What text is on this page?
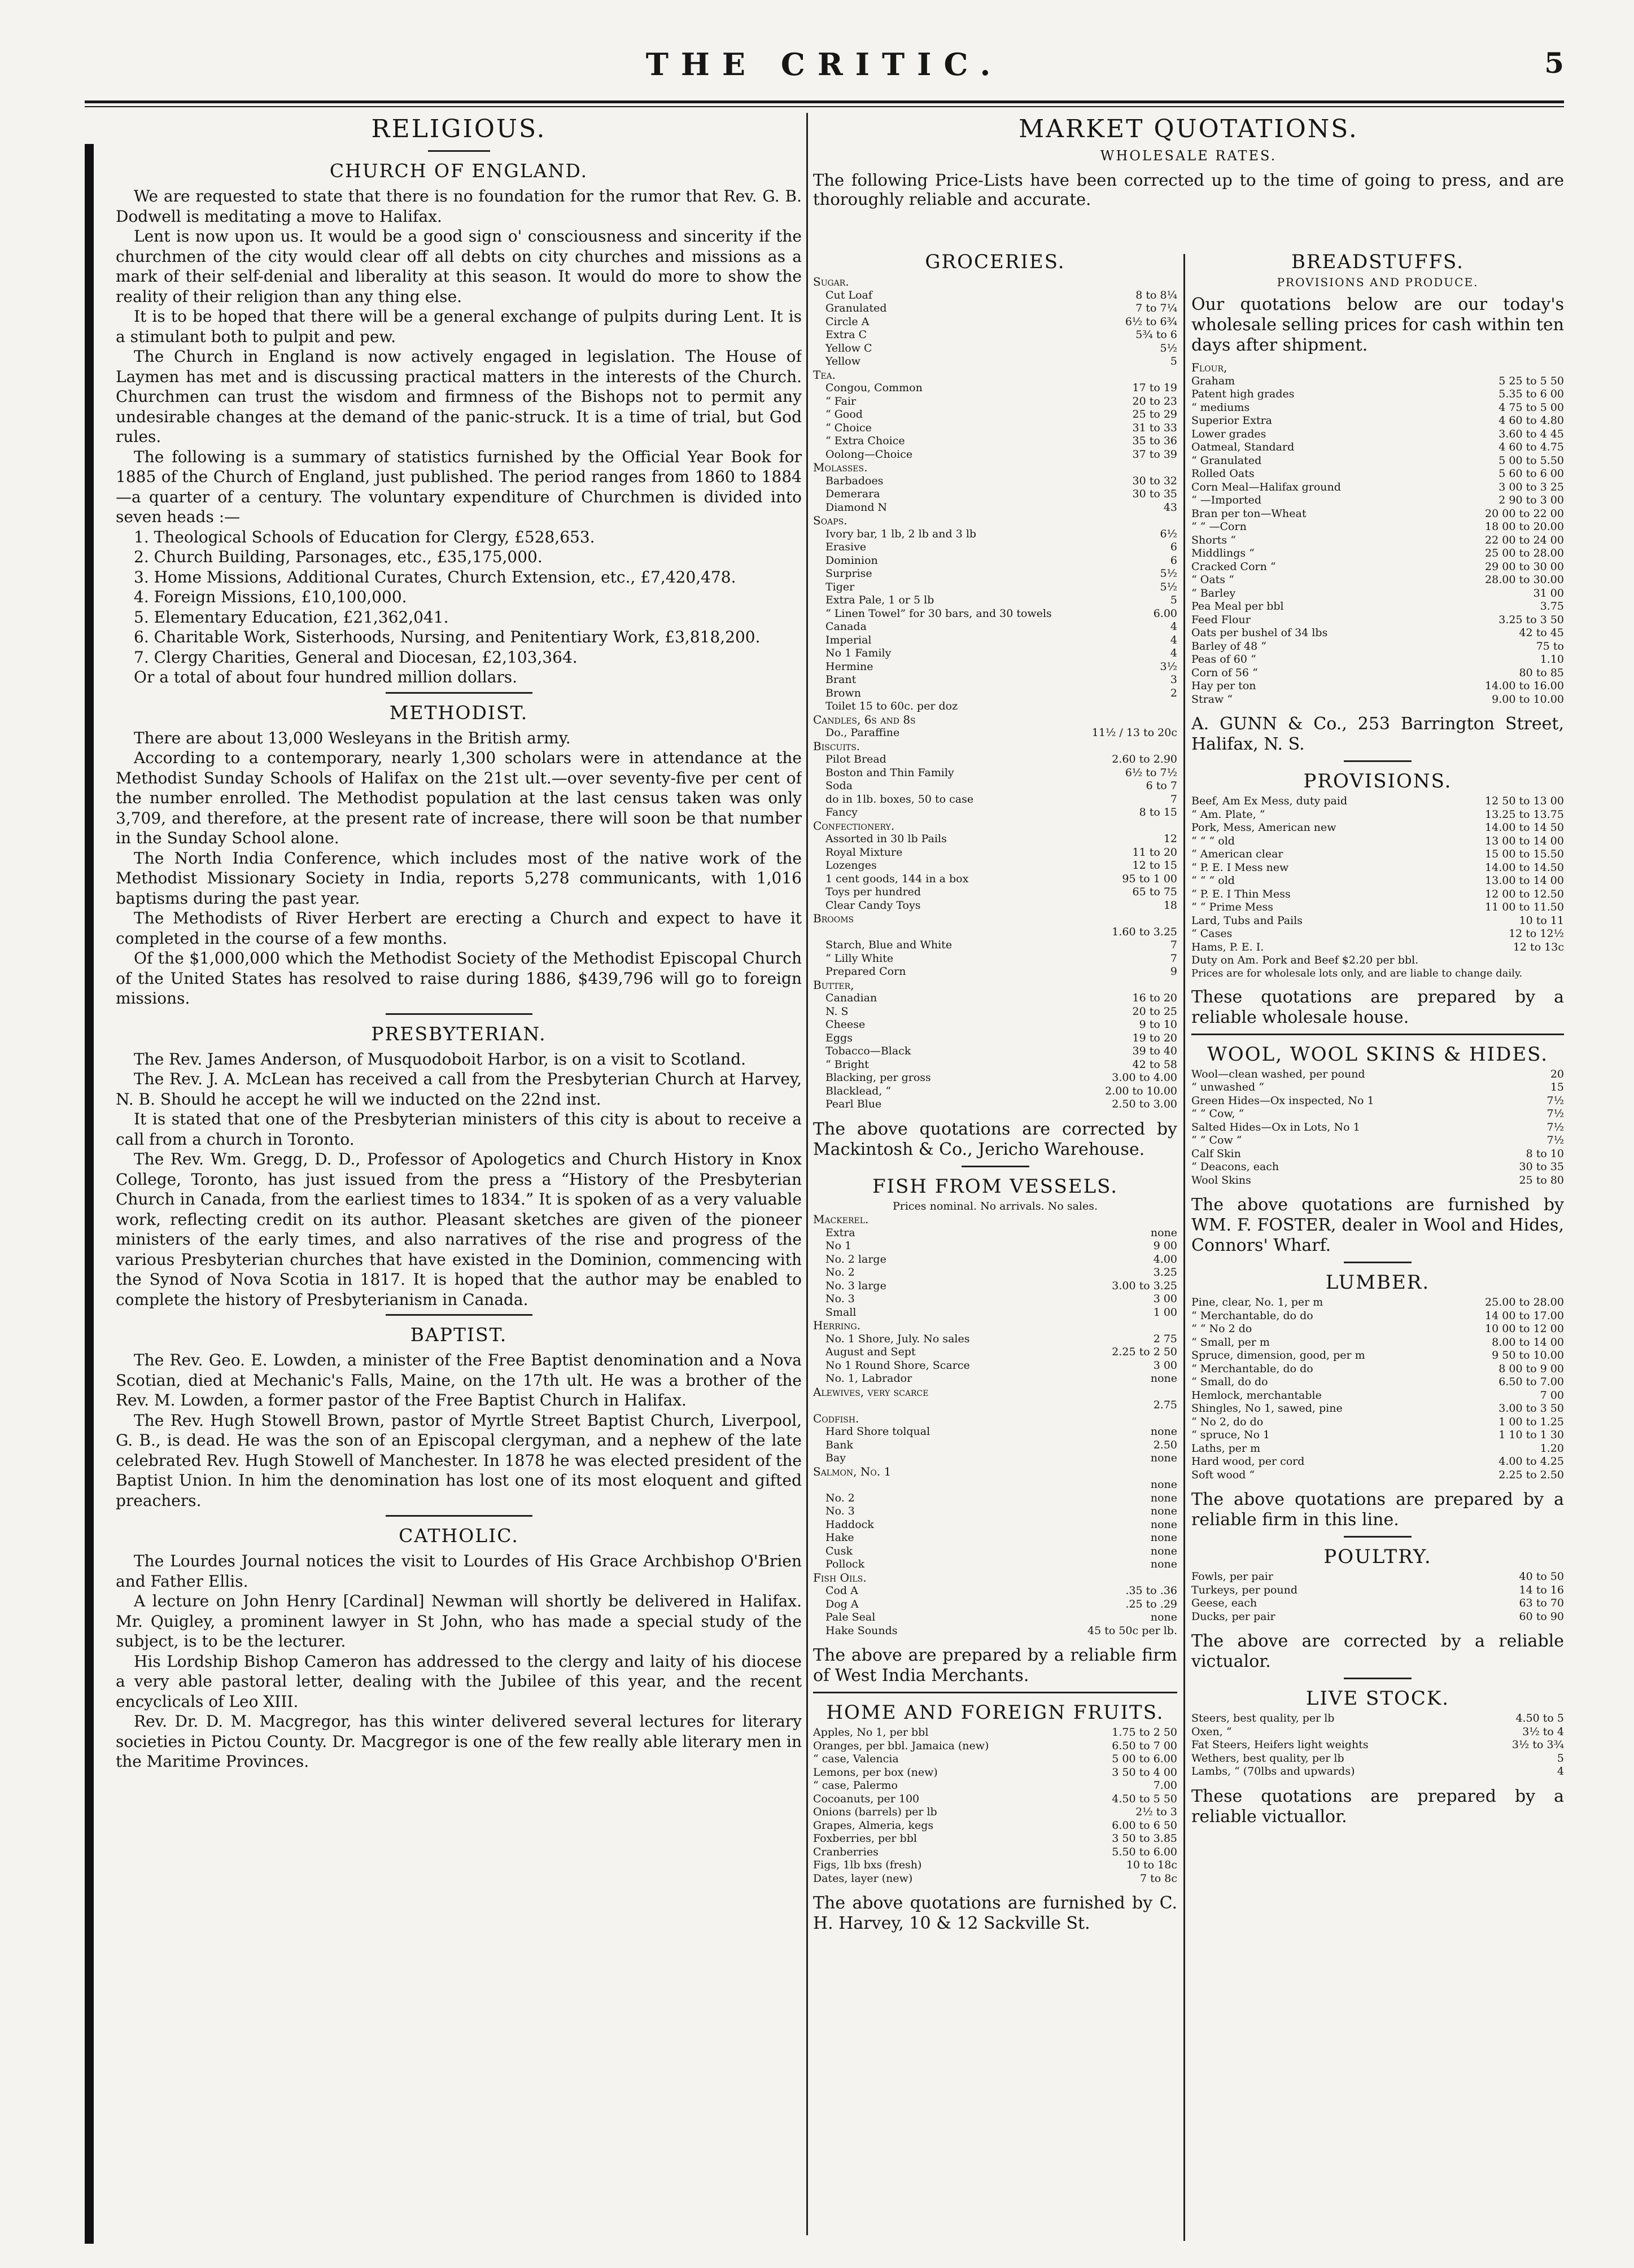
THE CRITIC.	5
RELIGIOUS.
CHURCH OF ENGLAND.

We are requested to state that there is no foundation for the rumor that Rev. G. B. Dodwell is meditating a move to Halifax.

Lent is now upon us. It would be a good sign o' consciousness and sincerity if the churchmen of the city would clear off all debts on city churches and missions as a mark of their self-denial and liberality at this season. It would do more to show the reality of their religion than any thing else.

It is to be hoped that there will be a general exchange of pulpits during Lent. It is a stimulant both to pulpit and pew.

The Church in England is now actively engaged in legislation. The House of Laymen has met and is discussing practical matters in the interests of the Church. Churchmen can trust the wisdom and firmness of the Bishops not to permit any undesirable changes at the demand of the panic-struck. It is a time of trial, but God rules.

The following is a summary of statistics furnished by the Official Year Book for 1885 of the Church of England, just published. The period ranges from 1860 to 1884—a quarter of a century. The voluntary expenditure of Churchmen is divided into seven heads :—

1. Theological Schools of Education for Clergy, £528,653.
2. Church Building, Parsonages, etc., £35,175,000.
3. Home Missions, Additional Curates, Church Extension, etc., £7,420,478.
4. Foreign Missions, £10,100,000.
5. Elementary Education, £21,362,041.
6. Charitable Work, Sisterhoods, Nursing, and Penitentiary Work, £3,818,200.
7. Clergy Charities, General and Diocesan, £2,103,364.

Or a total of about four hundred million dollars.

METHODIST.

There are about 13,000 Wesleyans in the British army.

According to a contemporary, nearly 1,300 scholars were in attendance at the Methodist Sunday Schools of Halifax on the 21st ult.—over seventy-five per cent of the number enrolled. The Methodist population at the last census taken was only 3,709, and therefore, at the present rate of increase, there will soon be that number in the Sunday School alone.

The North India Conference, which includes most of the native work of the Methodist Missionary Society in India, reports 5,278 communicants, with 1,016 baptisms during the past year.

The Methodists of River Herbert are erecting a Church and expect to have it completed in the course of a few months.

Of the $1,000,000 which the Methodist Society of the Methodist Episcopal Church of the United States has resolved to raise during 1886, $439,796 will go to foreign missions.

PRESBYTERIAN.

The Rev. James Anderson, of Musquodoboit Harbor, is on a visit to Scotland.

The Rev. J. A. McLean has received a call from the Presbyterian Church at Harvey, N. B. Should he accept he will we inducted on the 22nd inst.

It is stated that one of the Presbyterian ministers of this city is about to receive a call from a church in Toronto.

The Rev. Wm. Gregg, D. D., Professor of Apologetics and Church History in Knox College, Toronto, has just issued from the press a “History of the Presbyterian Church in Canada, from the earliest times to 1834.” It is spoken of as a very valuable work, reflecting credit on its author. Pleasant sketches are given of the pioneer ministers of the early times, and also narratives of the rise and progress of the various Presbyterian churches that have existed in the Dominion, commencing with the Synod of Nova Scotia in 1817. It is hoped that the author may be enabled to complete the history of Presbyterianism in Canada.

BAPTIST.

The Rev. Geo. E. Lowden, a minister of the Free Baptist denomination and a Nova Scotian, died at Mechanic's Falls, Maine, on the 17th ult. He was a brother of the Rev. M. Lowden, a former pastor of the Free Baptist Church in Halifax.

The Rev. Hugh Stowell Brown, pastor of Myrtle Street Baptist Church, Liverpool, G. B., is dead. He was the son of an Episcopal clergyman, and a nephew of the late celebrated Rev. Hugh Stowell of Manchester. In 1878 he was elected president of the Baptist Union. In him the denomination has lost one of its most eloquent and gifted preachers.

CATHOLIC.

The Lourdes Journal notices the visit to Lourdes of His Grace Archbishop O'Brien and Father Ellis.

A lecture on John Henry [Cardinal] Newman will shortly be delivered in Halifax. Mr. Quigley, a prominent lawyer in St John, who has made a special study of the subject, is to be the lecturer.

His Lordship Bishop Cameron has addressed to the clergy and laity of his diocese a very able pastoral letter, dealing with the Jubilee of this year, and the recent encyclicals of Leo XIII.

Rev. Dr. D. M. Macgregor, has this winter delivered several lectures for literary societies in Pictou County. Dr. Macgregor is one of the few really able literary men in the Maritime Provinces.

MARKET QUOTATIONS.
WHOLESALE RATES.

The following Price-Lists have been corrected up to the time of going to press, and are thoroughly reliable and accurate.

GROCERIES.
Sugar.
Cut Loaf	8 to 8¼
Granulated	7 to 7¼
Circle A	6½ to 6¾
Extra C	5¾ to 6
Yellow C	5½
Yellow	5
Tea.
Congou, Common	17 to 19
“ Fair	20 to 23
“ Good	25 to 29
“ Choice	31 to 33
“ Extra Choice	35 to 36
Oolong—Choice	37 to 39
Molasses.
Barbadoes	30 to 32
Demerara	30 to 35
Diamond N	43
Soaps.
Ivory bar, 1 lb, 2 lb and 3 lb	6½
Erasive	6
Dominion	6
Surprise	5½
Tiger	5½
Extra Pale, 1 or 5 lb	5
“ Linen Towel” for 30 bars, and 30 towels	6.00
Canada	4
Imperial	4
No 1 Family	4
Hermine	3½
Brant	3
Brown	2
Toilet 15 to 60c. per doz
Candles, 6s and 8s
Do., Paraffine	11½ / 13 to 20c
Biscuits.
Pilot Bread	2.60 to 2.90
Boston and Thin Family	6½ to 7½
Soda	6 to 7
do in 1lb. boxes, 50 to case	7
Fancy	8 to 15
Confectionery.
Assorted in 30 lb Pails	12
Royal Mixture	11 to 20
Lozenges	12 to 15
1 cent goods, 144 in a box	95 to 1 00
Toys per hundred	65 to 75
Clear Candy Toys	18
Brooms
1.60 to 3.25
Starch, Blue and White	7
“ Lilly White	7
Prepared Corn	9
Butter,
Canadian	16 to 20
N. S	20 to 25
Cheese	9 to 10
Eggs	19 to 20
Tobacco—Black	39 to 40
“ Bright	42 to 58
Blacking, per gross	3.00 to 4.00
Blacklead, “	2.00 to 10.00
Pearl Blue	2.50 to 3.00
The above quotations are corrected by Mackintosh & Co., Jericho Warehouse.
FISH FROM VESSELS.
Prices nominal. No arrivals. No sales.
Mackerel.
Extra	none
No 1	9 00
No. 2 large	4.00
No. 2	3.25
No. 3 large	3.00 to 3.25
No. 3	3 00
Small	1 00
Herring.
No. 1 Shore, July. No sales	2 75
August and Sept	2.25 to 2 50
No 1 Round Shore, Scarce	3 00
No. 1, Labrador	none
Alewives, very scarce
2.75
Codfish.
Hard Shore tolqual	none
Bank	2.50
Bay	none
Salmon, No. 1
none
No. 2	none
No. 3	none
Haddock	none
Hake	none
Cusk	none
Pollock	none
Fish Oils.
Cod A	.35 to .36
Dog A	.25 to .29
Pale Seal	none
Hake Sounds	45 to 50c per lb.
The above are prepared by a reliable firm of West India Merchants.
HOME AND FOREIGN FRUITS.
Apples, No 1, per bbl	1.75 to 2 50
Oranges, per bbl. Jamaica (new)	6.50 to 7 00
“ case, Valencia	5 00 to 6.00
Lemons, per box (new)	3 50 to 4 00
“ case, Palermo	7.00
Cocoanuts, per 100	4.50 to 5 50
Onions (barrels) per lb	2½ to 3
Grapes, Almeria, kegs	6.00 to 6 50
Foxberries, per bbl	3 50 to 3.85
Cranberries	5.50 to 6.00
Figs, 1lb bxs (fresh)	10 to 18c
Dates, layer (new)	7 to 8c
The above quotations are furnished by C. H. Harvey, 10 & 12 Sackville St.
BREADSTUFFS.
PROVISIONS AND PRODUCE.
Our quotations below are our today's wholesale selling prices for cash within ten days after shipment.
Flour,
Graham	5 25 to 5 50
Patent high grades	5.35 to 6 00
“ mediums	4 75 to 5 00
Superior Extra	4 60 to 4.80
Lower grades	3.60 to 4 45
Oatmeal, Standard	4 60 to 4.75
“ Granulated	5 00 to 5.50
Rolled Oats	5 60 to 6 00
Corn Meal—Halifax ground	3 00 to 3 25
“ —Imported	2 90 to 3 00
Bran per ton—Wheat	20 00 to 22 00
“ “ —Corn	18 00 to 20.00
Shorts “	22 00 to 24 00
Middlings “	25 00 to 28.00
Cracked Corn “	29 00 to 30 00
“ Oats “	28.00 to 30.00
“ Barley	31 00
Pea Meal per bbl	3.75
Feed Flour	3.25 to 3 50
Oats per bushel of 34 lbs	42 to 45
Barley of 48 “	75 to
Peas of 60 “	1.10
Corn of 56 “	80 to 85
Hay per ton	14.00 to 16.00
Straw “	9.00 to 10.00
A. GUNN & Co., 253 Barrington Street, Halifax, N. S.
PROVISIONS.
Beef, Am Ex Mess, duty paid	12 50 to 13 00
“ Am. Plate, “	13.25 to 13.75
Pork, Mess, American new	14.00 to 14 50
“ “ “ old	13 00 to 14 00
“ American clear	15 00 to 15.50
“ P. E. I Mess new	14.00 to 14.50
“ “ “ old	13.00 to 14 00
“ P. E. I Thin Mess	12 00 to 12.50
“ “ Prime Mess	11 00 to 11.50
Lard, Tubs and Pails	10 to 11
“ Cases	12 to 12½
Hams, P. E. I.	12 to 13c
Duty on Am. Pork and Beef $2.20 per bbl.
Prices are for wholesale lots only, and are liable to change daily.
These quotations are prepared by a reliable wholesale house.
WOOL, WOOL SKINS & HIDES.
Wool—clean washed, per pound	20
“ unwashed “	15
Green Hides—Ox inspected, No 1	7½
“ “ Cow, “	7½
Salted Hides—Ox in Lots, No 1	7½
“ “ Cow “	7½
Calf Skin	8 to 10
“ Deacons, each	30 to 35
Wool Skins	25 to 80
The above quotations are furnished by WM. F. FOSTER, dealer in Wool and Hides, Connors' Wharf.
LUMBER.
Pine, clear, No. 1, per m	25.00 to 28.00
“ Merchantable, do do	14 00 to 17.00
“ “ No 2 do	10 00 to 12 00
“ Small, per m	8.00 to 14 00
Spruce, dimension, good, per m	9 50 to 10.00
“ Merchantable, do do	8 00 to 9 00
“ Small, do do	6.50 to 7.00
Hemlock, merchantable	7 00
Shingles, No 1, sawed, pine	3.00 to 3 50
“ No 2, do do	1 00 to 1.25
“ spruce, No 1	1 10 to 1 30
Laths, per m	1.20
Hard wood, per cord	4.00 to 4.25
Soft wood “	2.25 to 2.50
The above quotations are prepared by a reliable firm in this line.
POULTRY.
Fowls, per pair	40 to 50
Turkeys, per pound	14 to 16
Geese, each	63 to 70
Ducks, per pair	60 to 90
The above are corrected by a reliable victualor.
LIVE STOCK.
Steers, best quality, per lb	4.50 to 5
Oxen, “	3½ to 4
Fat Steers, Heifers light weights	3½ to 3¾
Wethers, best quality, per lb	5
Lambs, “ (70lbs and upwards)	4
These quotations are prepared by a reliable victuallor.
